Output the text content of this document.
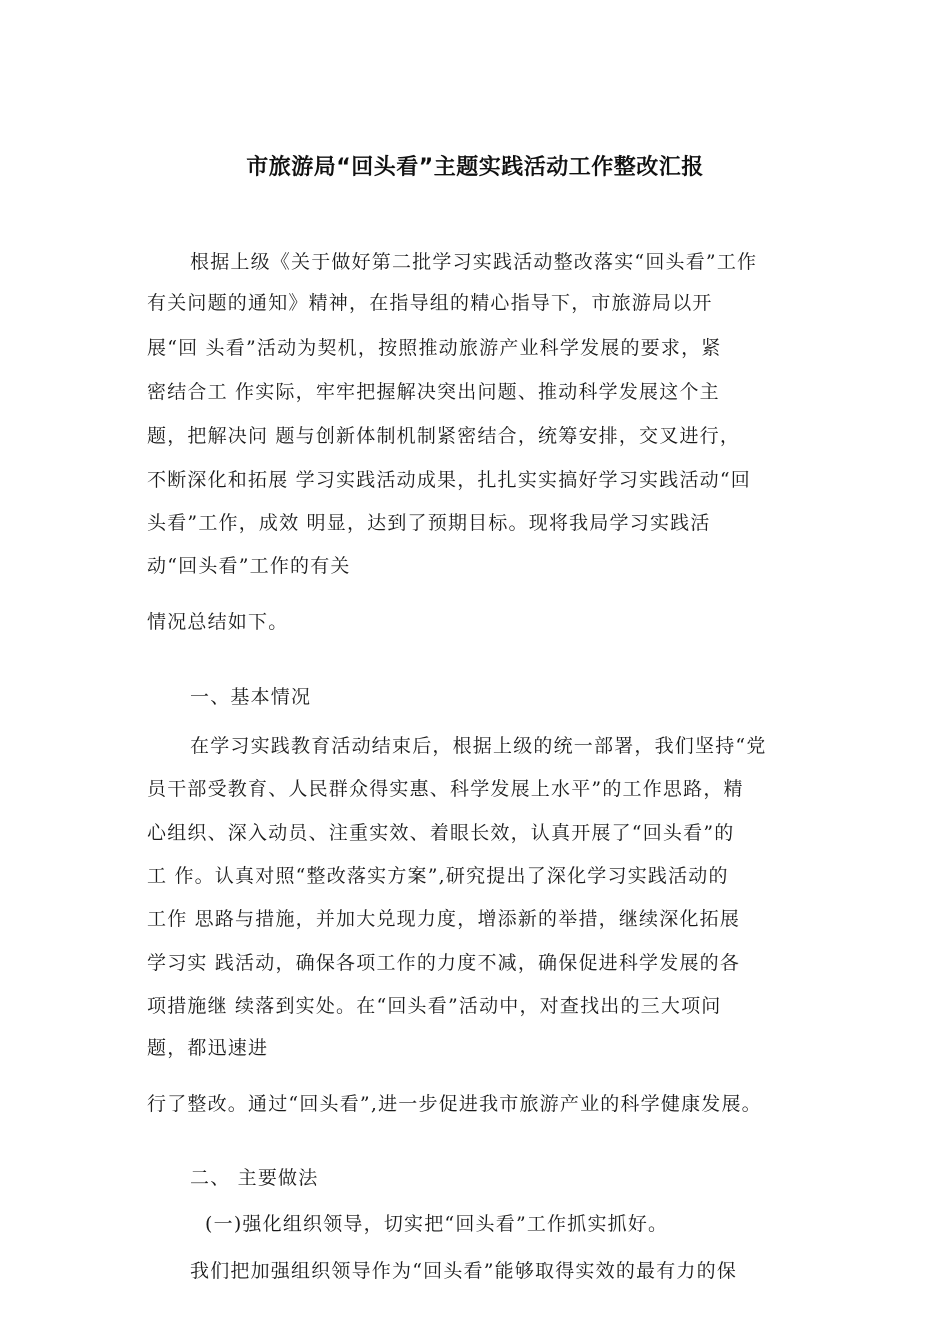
市旅游局“回头看”主题实践活动工作整改汇报
根据上级《关于做好第二批学习实践活动整改落实“回头看”工作
有关问题的通知》精神，在指导组的精心指导下，市旅游局以开
展“回 头看”活动为契机，按照推动旅游产业科学发展的要求，紧
密结合工 作实际，牢牢把握解决突出问题、推动科学发展这个主
题，把解决问 题与创新体制机制紧密结合，统筹安排，交叉进行，
不断深化和拓展 学习实践活动成果，扎扎实实搞好学习实践活动“回
头看”工作，成效 明显，达到了预期目标。现将我局学习实践活
动“回头看”工作的有关
情况总结如下。
一、基本情况
在学习实践教育活动结束后，根据上级的统一部署，我们坚持“党
员干部受教育、人民群众得实惠、科学发展上水平”的工作思路，精
心组织、深入动员、注重实效、着眼长效，认真开展了“回头看”的
工 作。认真对照“整改落实方案”,研究提出了深化学习实践活动的
工作 思路与措施，并加大兑现力度，增添新的举措，继续深化拓展
学习实 践活动，确保各项工作的力度不减，确保促进科学发展的各
项措施继 续落到实处。在“回头看”活动中，对查找出的三大项问
题，都迅速进
行了整改。通过“回头看”,进一步促进我市旅游产业的科学健康发展。
二、 主要做法
(一)强化组织领导，切实把“回头看”工作抓实抓好。
我们把加强组织领导作为“回头看”能够取得实效的最有力的保
